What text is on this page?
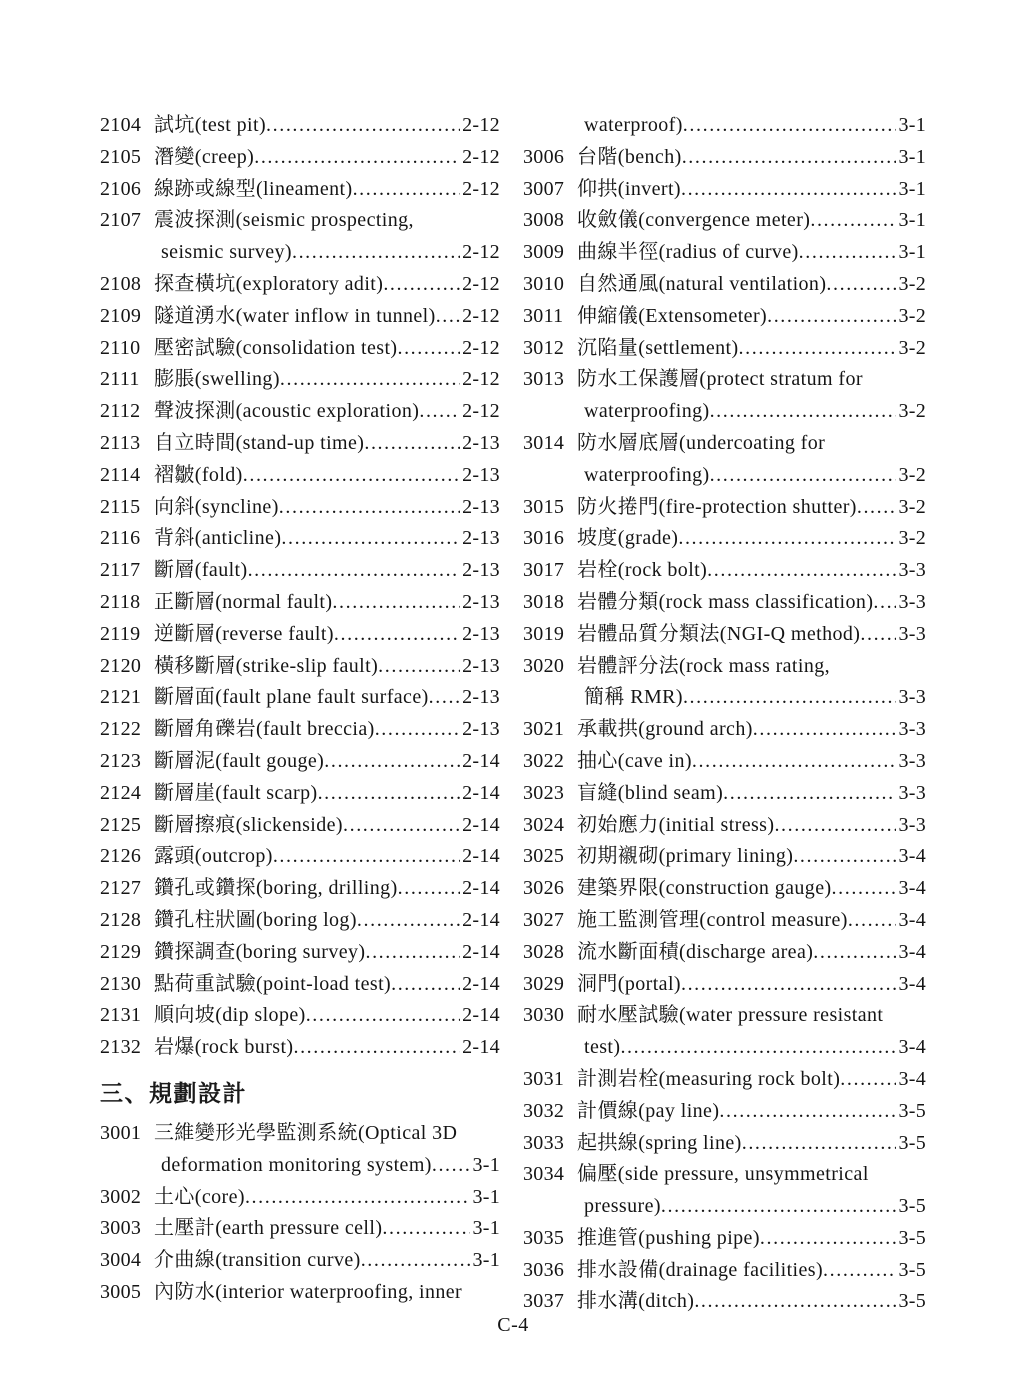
2104 試坑(test pit) .....	2-12
2105 潛變(creep) .....	2-12
2106 線跡或線型(lineament) .....	2-12
2107 震波探測(seismic prospecting,
seismic survey) .....	2-12
2108 探查橫坑(exploratory adit) .....	2-12
2109 隧道湧水(water inflow in tunnel) ..... 2-12
2110 壓密試驗(consolidation test) .....	2-12
2111 膨脹(swelling) .....	2-12
2112 聲波探測(acoustic exploration) ..... 2-12
2113 自立時間(stand-up time) .....	2-13
2114 褶皺(fold) .....	2-13
2115 向斜(syncline) .....	2-13
2116 背斜(anticline) .....	2-13
2117 斷層(fault) .....	2-13
2118 正斷層(normal fault) .....	2-13
2119 逆斷層(reverse fault) .....	2-13
2120 橫移斷層(strike-slip fault) .....	2-13
2121 斷層面(fault plane fault surface) ..... 2-13
2122 斷層角礫岩(fault breccia) .....	2-13
2123 斷層泥(fault gouge) .....	2-14
2124 斷層崖(fault scarp) .....	2-14
2125 斷層擦痕(slickenside) .....	2-14
2126 露頭(outcrop) .....	2-14
2127 鑽孔或鑽探(boring, drilling) .....	2-14
2128 鑽孔柱狀圖(boring log) .....	2-14
2129 鑽探調查(boring survey) .....	2-14
2130 點荷重試驗(point-load test) .....	2-14
2131 順向坡(dip slope) .....	2-14
2132 岩爆(rock burst) .....	2-14
三、規劃設計
3001 三維變形光學監測系統(Optical 3D
deformation monitoring system) ..... 3-1
3002 土心(core) .....	3-1
3003 土壓計(earth pressure cell) .....	3-1
3004 介曲線(transition curve) .....	3-1
3005 內防水(interior waterproofing, inner
waterproof) .....	3-1
3006 台階(bench) .....	3-1
3007 仰拱(invert) .....	3-1
3008 收斂儀(convergence meter) .....	3-1
3009 曲線半徑(radius of curve) .....	3-1
3010 自然通風(natural ventilation) .....	3-2
3011 伸縮儀(Extensometer) .....	3-2
3012 沉陷量(settlement) .....	3-2
3013 防水工保護層(protect stratum for
waterproofing) .....	3-2
3014 防水層底層(undercoating for
waterproofing) .....	3-2
3015 防火捲門(fire-protection shutter) ..... 3-2
3016 坡度(grade) .....	3-2
3017 岩栓(rock bolt) .....	3-3
3018 岩體分類(rock mass classification) ..... 3-3
3019 岩體品質分類法(NGI-Q method) ..... 3-3
3020 岩體評分法(rock mass rating,
簡稱 RMR) .....	3-3
3021 承載拱(ground arch) .....	3-3
3022 抽心(cave in) .....	3-3
3023 盲縫(blind seam) .....	3-3
3024 初始應力(initial stress) .....	3-3
3025 初期襯砌(primary lining) .....	3-4
3026 建築界限(construction gauge) .....	3-4
3027 施工監測管理(control measure) .....	3-4
3028 流水斷面積(discharge area) .....	3-4
3029 洞門(portal) .....	3-4
3030 耐水壓試驗(water pressure resistant
test) .....	3-4
3031 計測岩栓(measuring rock bolt) .....	3-4
3032 計價線(pay line) .....	3-5
3033 起拱線(spring line) .....	3-5
3034 偏壓(side pressure, unsymmetrical
pressure) .....	3-5
3035 推進管(pushing pipe) .....	3-5
3036 排水設備(drainage facilities) .....	3-5
3037 排水溝(ditch) .....	3-5
C-4
